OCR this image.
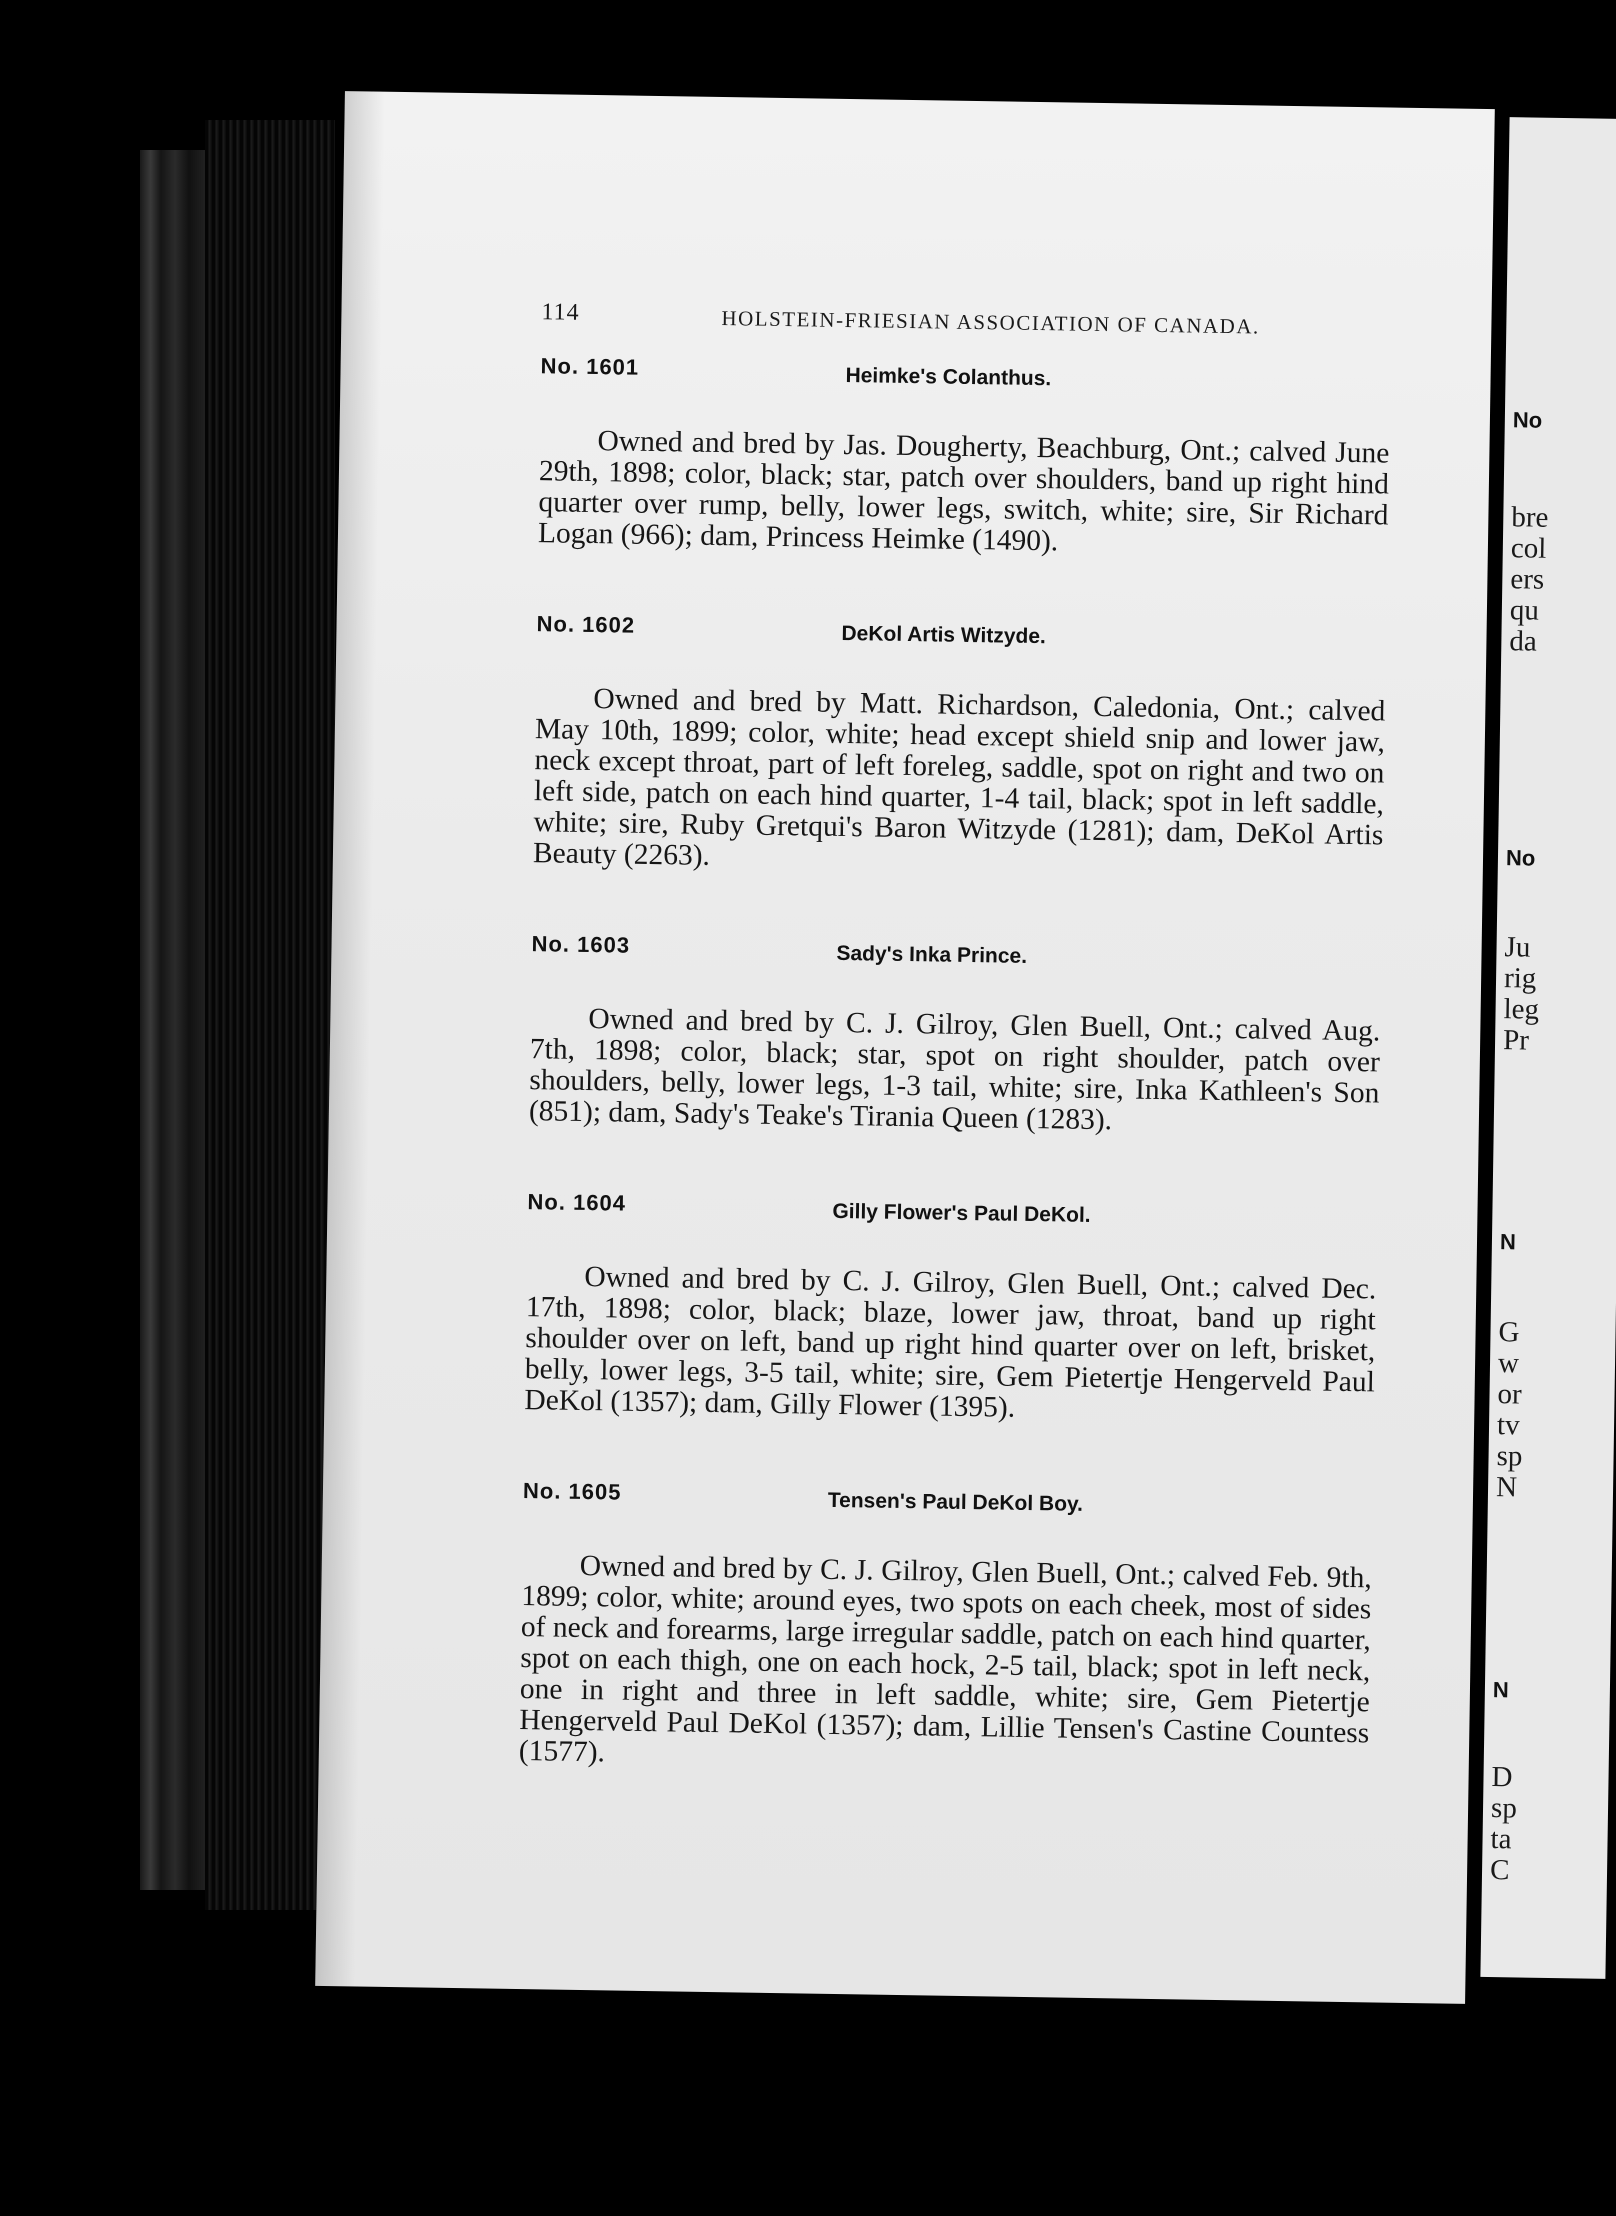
114	HOLSTEIN-FRIESIAN ASSOCIATION OF CANADA.
No. 1601	Heimke's Colanthus.

Owned and bred by Jas. Dougherty, Beachburg, Ont.; calved June 29th, 1898; color, black; star, patch over shoulders, band up right hind quarter over rump, belly, lower legs, switch, white; sire, Sir Richard Logan (966); dam, Princess Heimke (1490).

No. 1602	DeKol Artis Witzyde.

Owned and bred by Matt. Richardson, Caledonia, Ont.; calved May 10th, 1899; color, white; head except shield snip and lower jaw, neck except throat, part of left foreleg, saddle, spot on right and two on left side, patch on each hind quarter, 1-4 tail, black; spot in left saddle, white; sire, Ruby Gretqui's Baron Witzyde (1281); dam, DeKol Artis Beauty (2263).

No. 1603	Sady's Inka Prince.

Owned and bred by C. J. Gilroy, Glen Buell, Ont.; calved Aug. 7th, 1898; color, black; star, spot on right shoulder, patch over shoulders, belly, lower legs, 1-3 tail, white; sire, Inka Kathleen's Son (851); dam, Sady's Teake's Tirania Queen (1283).

No. 1604	Gilly Flower's Paul DeKol.

Owned and bred by C. J. Gilroy, Glen Buell, Ont.; calved Dec. 17th, 1898; color, black; blaze, lower jaw, throat, band up right shoulder over on left, band up right hind quarter over on left, brisket, belly, lower legs, 3-5 tail, white; sire, Gem Pietertje Hengerveld Paul DeKol (1357); dam, Gilly Flower (1395).

No. 1605	Tensen's Paul DeKol Boy.

Owned and bred by C. J. Gilroy, Glen Buell, Ont.; calved Feb. 9th, 1899; color, white; around eyes, two spots on each cheek, most of sides of neck and forearms, large irregular saddle, patch on each hind quarter, spot on each thigh, one on each hock, 2-5 tail, black; spot in left neck, one in right and three in left saddle, white; sire, Gem Pietertje Hengerveld Paul DeKol (1357); dam, Lillie Tensen's Castine Countess (1577).

No
bre
col
ers
qu
da
No
Ju
rig
leg
Pr
N
G
w
or
tv
sp
N
N
D
sp
ta
C
